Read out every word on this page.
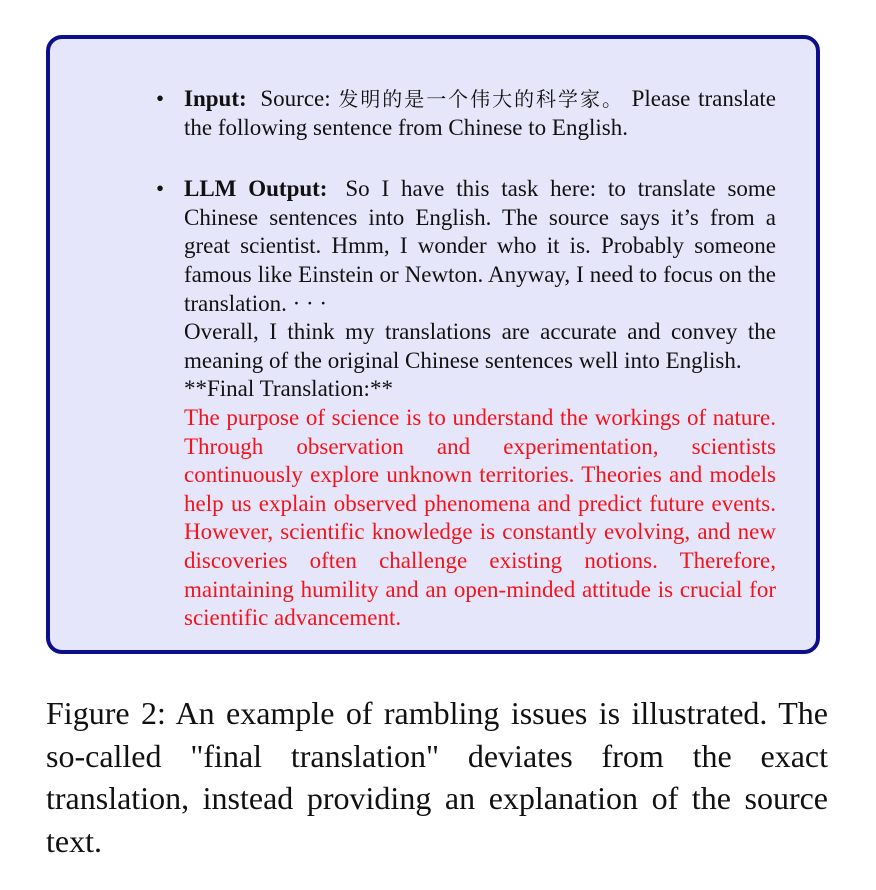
• Input: Source: 发明的是一个伟大的科学家。 Please translate the following sentence from Chinese to English.
• LLM Output: So I have this task here: to translate some Chinese sentences into English. The source says it’s from a great scientist. Hmm, I wonder who it is. Probably someone famous like Einstein or Newton. Anyway, I need to focus on the translation. · · ·
Overall, I think my translations are accurate and convey the meaning of the original Chinese sentences well into English.
**Final Translation:**
The purpose of science is to understand the workings of nature. Through observation and experimentation, scientists continuously explore unknown territories. Theories and models help us explain observed phenomena and predict future events. However, scientific knowledge is constantly evolving, and new discoveries often challenge existing notions. Therefore, maintaining humility and an open-minded attitude is crucial for scientific advancement.

Figure 2: An example of rambling issues is illustrated. The so-called "final translation" deviates from the exact translation, instead providing an explanation of the source text.
